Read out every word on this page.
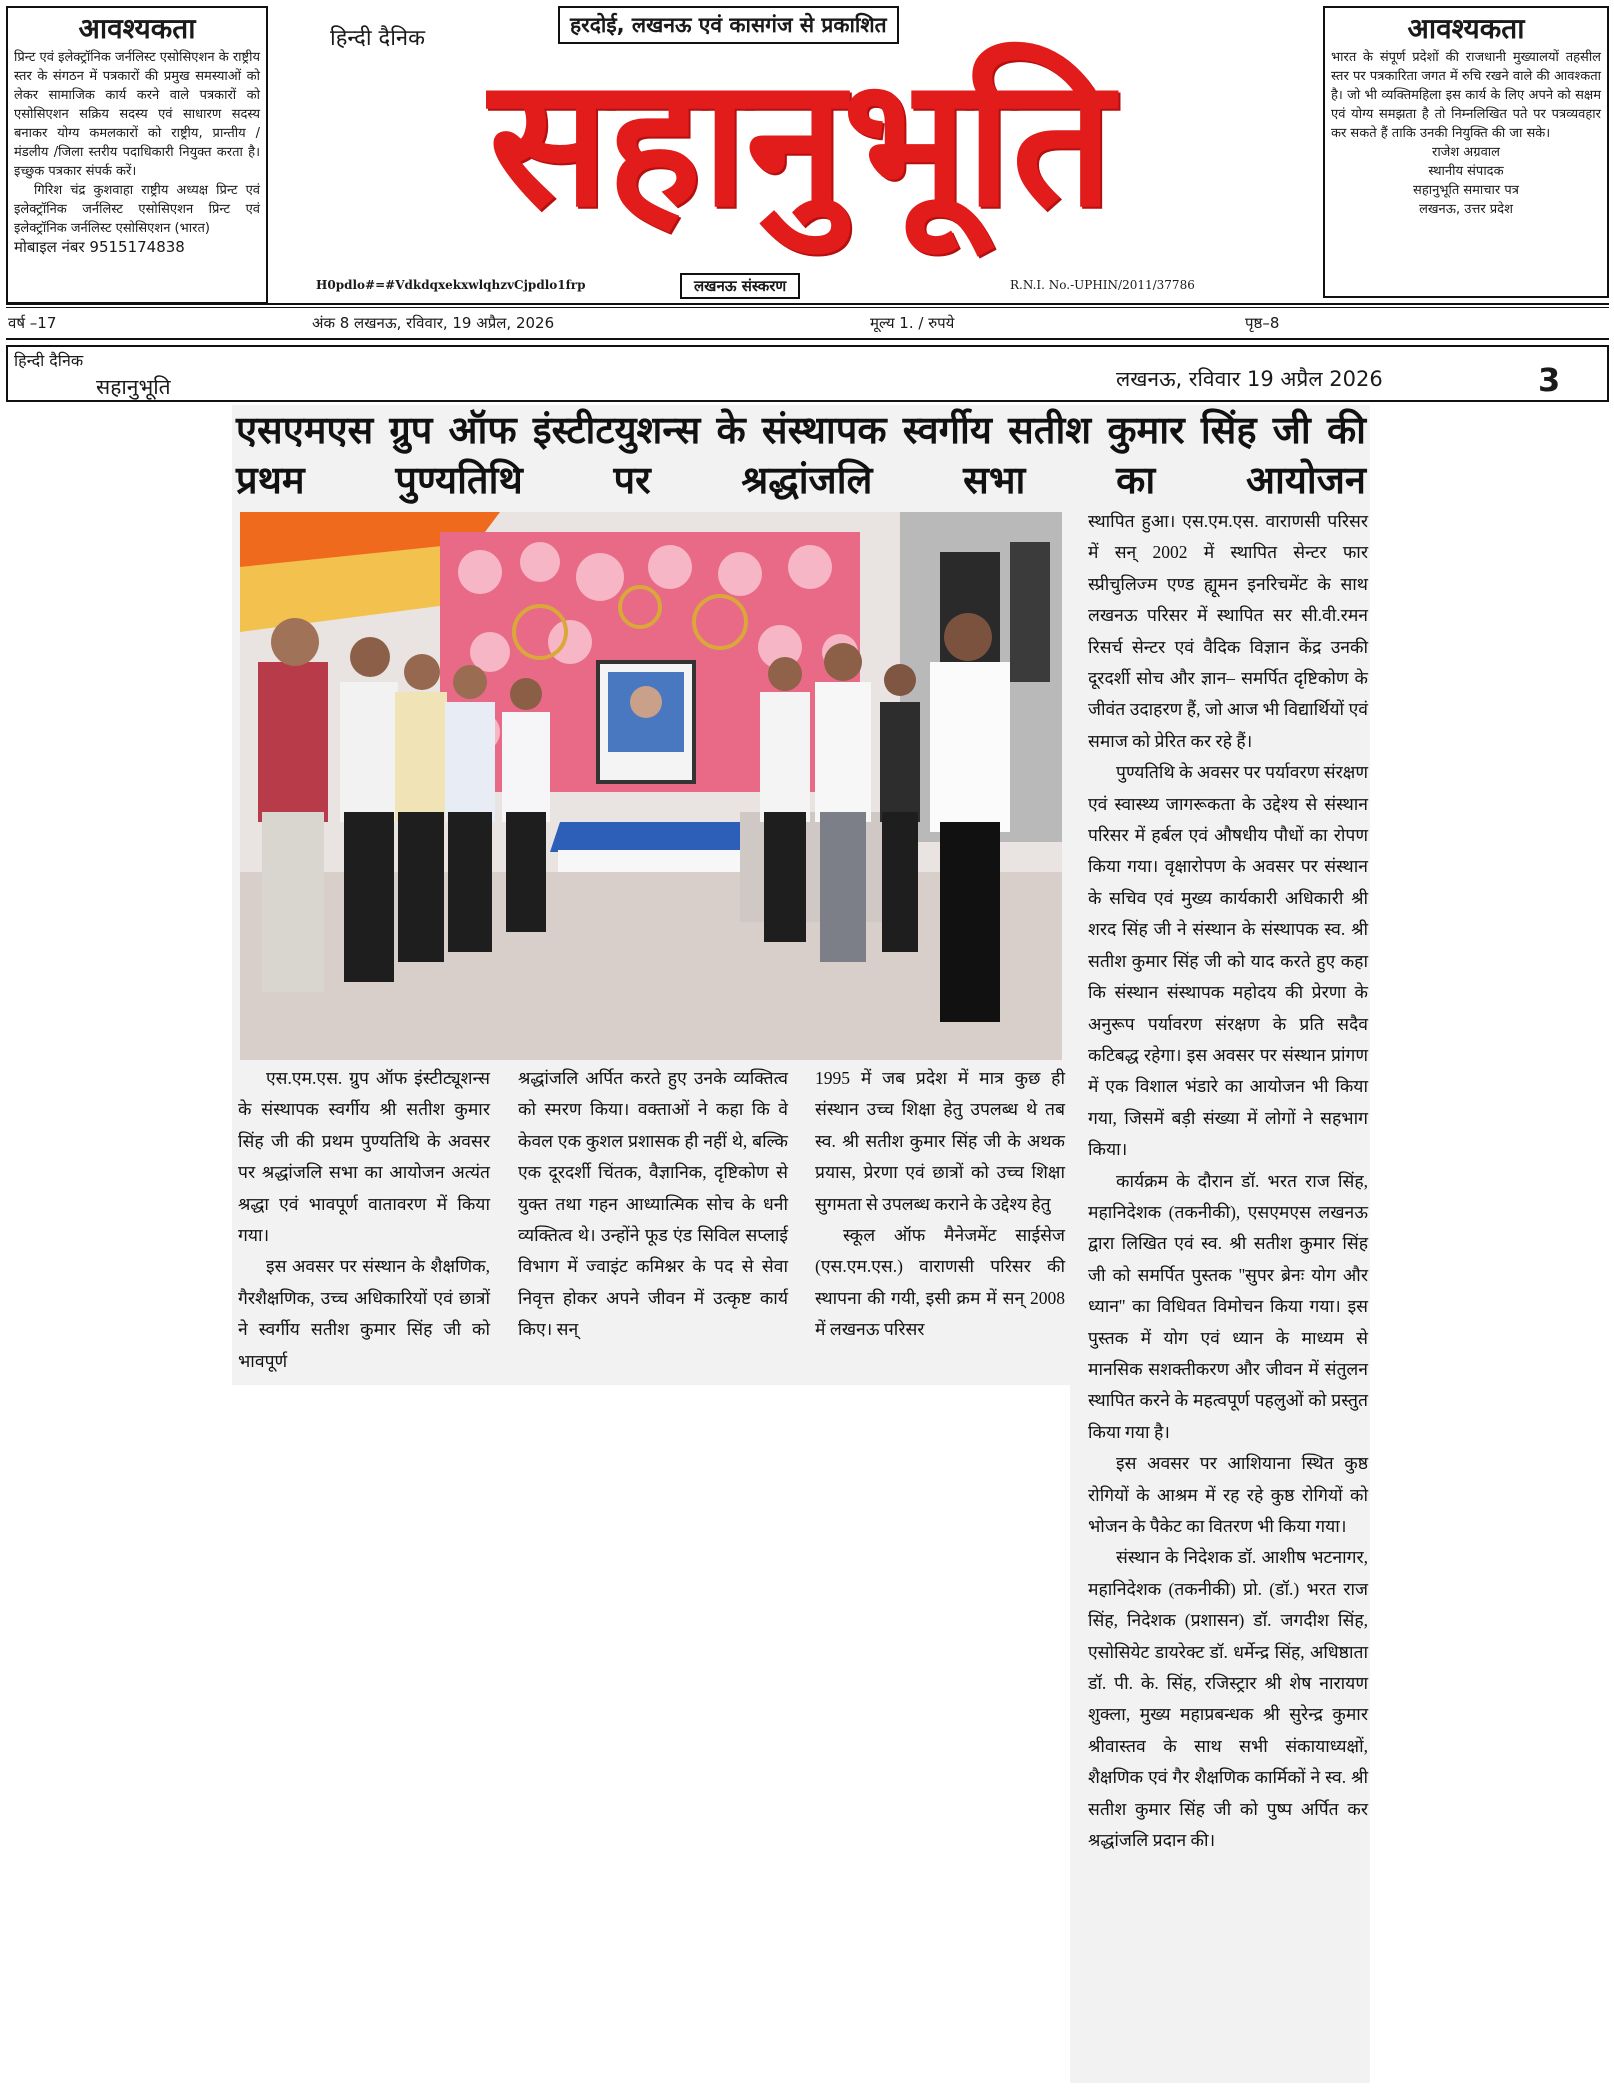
आवश्यकता

प्रिन्ट एवं इलेक्ट्रॉनिक जर्नलिस्ट एसोसिएशन के राष्ट्रीय स्तर के संगठन में पत्रकारों की प्रमुख समस्याओं को लेकर सामाजिक कार्य करने वाले पत्रकारों को एसोसिएशन सक्रिय सदस्य एवं साधारण सदस्य बनाकर योग्य कमलकारों को राष्ट्रीय, प्रान्तीय / मंडलीय /जिला स्तरीय पदाधिकारी नियुक्त करता है। इच्छुक पत्रकार संपर्क करें।

गिरिश चंद्र कुशवाहा राष्ट्रीय अध्यक्ष प्रिन्ट एवं इलेक्ट्रॉनिक जर्नलिस्ट एसोसिएशन प्रिन्ट एवं इलेक्ट्रॉनिक जर्नलिस्ट एसोसिएशन (भारत)

मोबाइल नंबर 9515174838

आवश्यकता

भारत के संपूर्ण प्रदेशों की राजधानी मुख्यालयों तहसील स्तर पर पत्रकारिता जगत में रुचि रखने वाले की आवश्कता है। जो भी व्यक्तिमहिला इस कार्य के लिए अपने को सक्षम एवं योग्य समझता है तो निम्नलिखित पते पर पत्रव्यवहार कर सकते हैं ताकि उनकी नियुक्ति की जा सके।

राजेश अग्रवाल

स्थानीय संपादक

सहानुभूति समाचार पत्र

लखनऊ, उत्तर प्रदेश

हिन्दी दैनिक
हरदोई, लखनऊ एवं कासगंज से प्रकाशित
सहानुभूति
H0pdlo#=#VdkdqxekxwlqhzvCjpdlo1frp	लखनऊ संस्करण	R.N.I. No.-UPHIN/2011/37786
वर्ष –17	अंक 8 लखनऊ, रविवार, 19 अप्रैल, 2026	मूल्य 1. / रुपये	पृष्ठ–8
हिन्दी दैनिक
सहानुभूति	लखनऊ, रविवार 19 अप्रैल 2026	3
एसएमएस ग्रुप ऑफ इंस्टीटयुशन्स के संस्थापक स्वर्गीय सतीश कुमार सिंह जी की प्रथम पुण्यतिथि पर श्रद्धांजलि सभा का आयोजन

एस.एम.एस. ग्रुप ऑफ इंस्टीट्यूशन्स के संस्थापक स्वर्गीय श्री सतीश कुमार सिंह जी की प्रथम पुण्यतिथि के अवसर पर श्रद्धांजलि सभा का आयोजन अत्यंत श्रद्धा एवं भावपूर्ण वातावरण में किया गया।

इस अवसर पर संस्थान के शैक्षणिक, गैरशैक्षणिक, उच्च अधिकारियों एवं छात्रों ने स्वर्गीय सतीश कुमार सिंह जी को भावपूर्ण

श्रद्धांजलि अर्पित करते हुए उनके व्यक्तित्व को स्मरण किया। वक्ताओं ने कहा कि वे केवल एक कुशल प्रशासक ही नहीं थे, बल्कि एक दूरदर्शी चिंतक, वैज्ञानिक, दृष्टिकोण से युक्त तथा गहन आध्यात्मिक सोच के धनी व्यक्तित्व थे। उन्होंने फूड एंड सिविल सप्लाई विभाग में ज्वाइंट कमिश्नर के पद से सेवा निवृत्त होकर अपने जीवन में उत्कृष्ट कार्य किए। सन्

1995 में जब प्रदेश में मात्र कुछ ही संस्थान उच्च शिक्षा हेतु उपलब्ध थे तब स्व. श्री सतीश कुमार सिंह जी के अथक प्रयास, प्रेरणा एवं छात्रों को उच्च शिक्षा सुगमता से उपलब्ध कराने के उद्देश्य हेतु

स्कूल ऑफ मैनेजमेंट साईसेज (एस.एम.एस.) वाराणसी परिसर की स्थापना की गयी, इसी क्रम में सन् 2008 में लखनऊ परिसर

स्थापित हुआ। एस.एम.एस. वाराणसी परिसर में सन् 2002 में स्थापित सेन्टर फार स्प्रीचुलिज्म एण्ड ह्यूमन इनरिचमेंट के साथ लखनऊ परिसर में स्थापित सर सी.वी.रमन रिसर्च सेन्टर एवं वैदिक विज्ञान केंद्र उनकी दूरदर्शी सोच और ज्ञान– समर्पित दृष्टिकोण के जीवंत उदाहरण हैं, जो आज भी विद्यार्थियों एवं समाज को प्रेरित कर रहे हैं।

पुण्यतिथि के अवसर पर पर्यावरण संरक्षण एवं स्वास्थ्य जागरूकता के उद्देश्य से संस्थान परिसर में हर्बल एवं औषधीय पौधों का रोपण किया गया। वृक्षारोपण के अवसर पर संस्थान के सचिव एवं मुख्य कार्यकारी अधिकारी श्री शरद सिंह जी ने संस्थान के संस्थापक स्व. श्री सतीश कुमार सिंह जी को याद करते हुए कहा कि संस्थान संस्थापक महोदय की प्रेरणा के अनुरूप पर्यावरण संरक्षण के प्रति सदैव कटिबद्ध रहेगा। इस अवसर पर संस्थान प्रांगण में एक विशाल भंडारे का आयोजन भी किया गया, जिसमें बड़ी संख्या में लोगों ने सहभाग किया।

कार्यक्रम के दौरान डॉ. भरत राज सिंह, महानिदेशक (तकनीकी), एसएमएस लखनऊ द्वारा लिखित एवं स्व. श्री सतीश कुमार सिंह जी को समर्पित पुस्तक ''सुपर ब्रेनः योग और ध्यान'' का विधिवत विमोचन किया गया। इस पुस्तक में योग एवं ध्यान के माध्यम से मानसिक सशक्तीकरण और जीवन में संतुलन स्थापित करने के महत्वपूर्ण पहलुओं को प्रस्तुत किया गया है।

इस अवसर पर आशियाना स्थित कुष्ठ रोगियों के आश्रम में रह रहे कुष्ठ रोगियों को भोजन के पैकेट का वितरण भी किया गया।

संस्थान के निदेशक डॉ. आशीष भटनागर, महानिदेशक (तकनीकी) प्रो. (डॉ.) भरत राज सिंह, निदेशक (प्रशासन) डॉ. जगदीश सिंह, एसोसियेट डायरेक्ट डॉ. धर्मेन्द्र सिंह, अधिष्ठाता डॉ. पी. के. सिंह, रजिस्ट्रार श्री शेष नारायण शुक्ला, मुख्य महाप्रबन्धक श्री सुरेन्द्र कुमार श्रीवास्तव के साथ सभी संकायाध्यक्षों, शैक्षणिक एवं गैर शैक्षणिक कार्मिकों ने स्व. श्री सतीश कुमार सिंह जी को पुष्प अर्पित कर श्रद्धांजलि प्रदान की।
